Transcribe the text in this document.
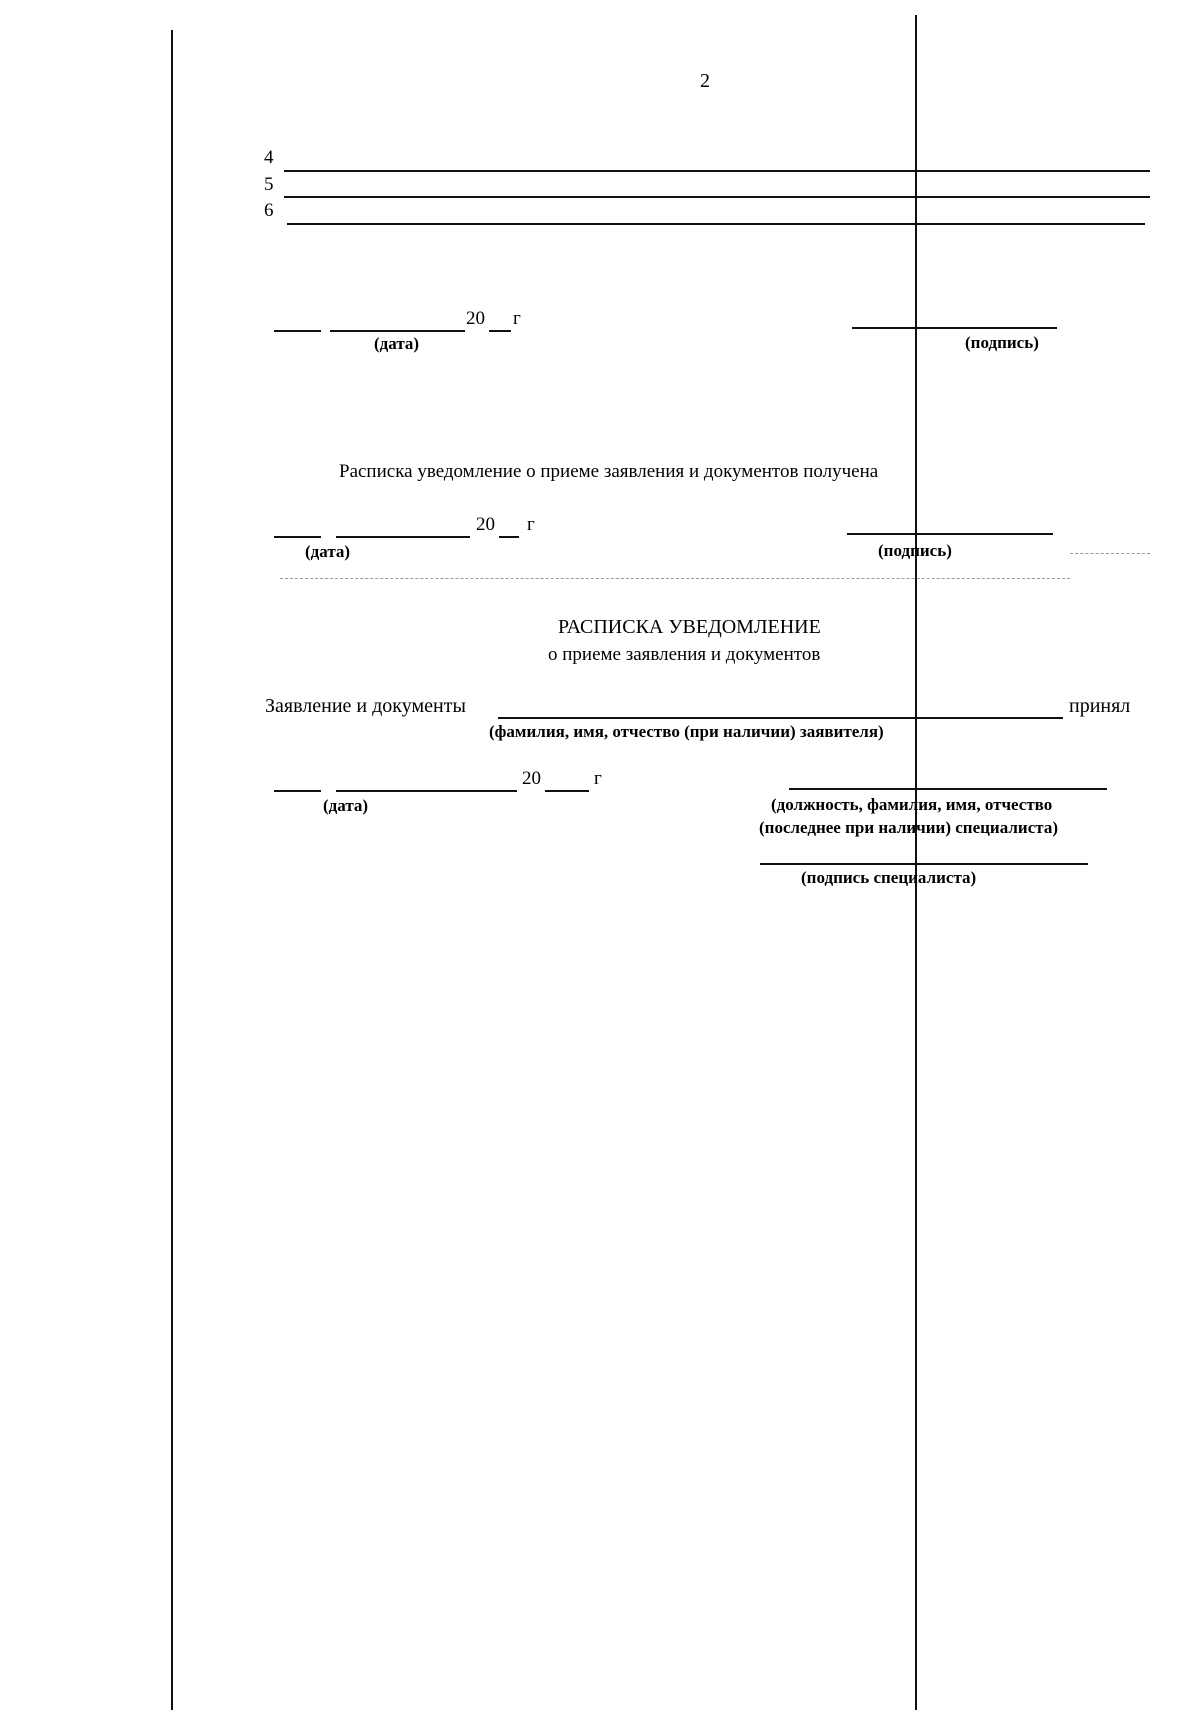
2
4
5
6
20 г
(дата)	(подпись)
Расписка уведомление о приеме заявления и документов получена
20 г
(дата)	(подпись)
РАСПИСКА УВЕДОМЛЕНИЕ
о приеме заявления и документов
Заявление и документы	принял
(фамилия, имя, отчество (при наличии) заявителя)
20	г
(дата)	(должность, фамилия, имя, отчество
(последнее при наличии) специалиста)
(подпись специалиста)
